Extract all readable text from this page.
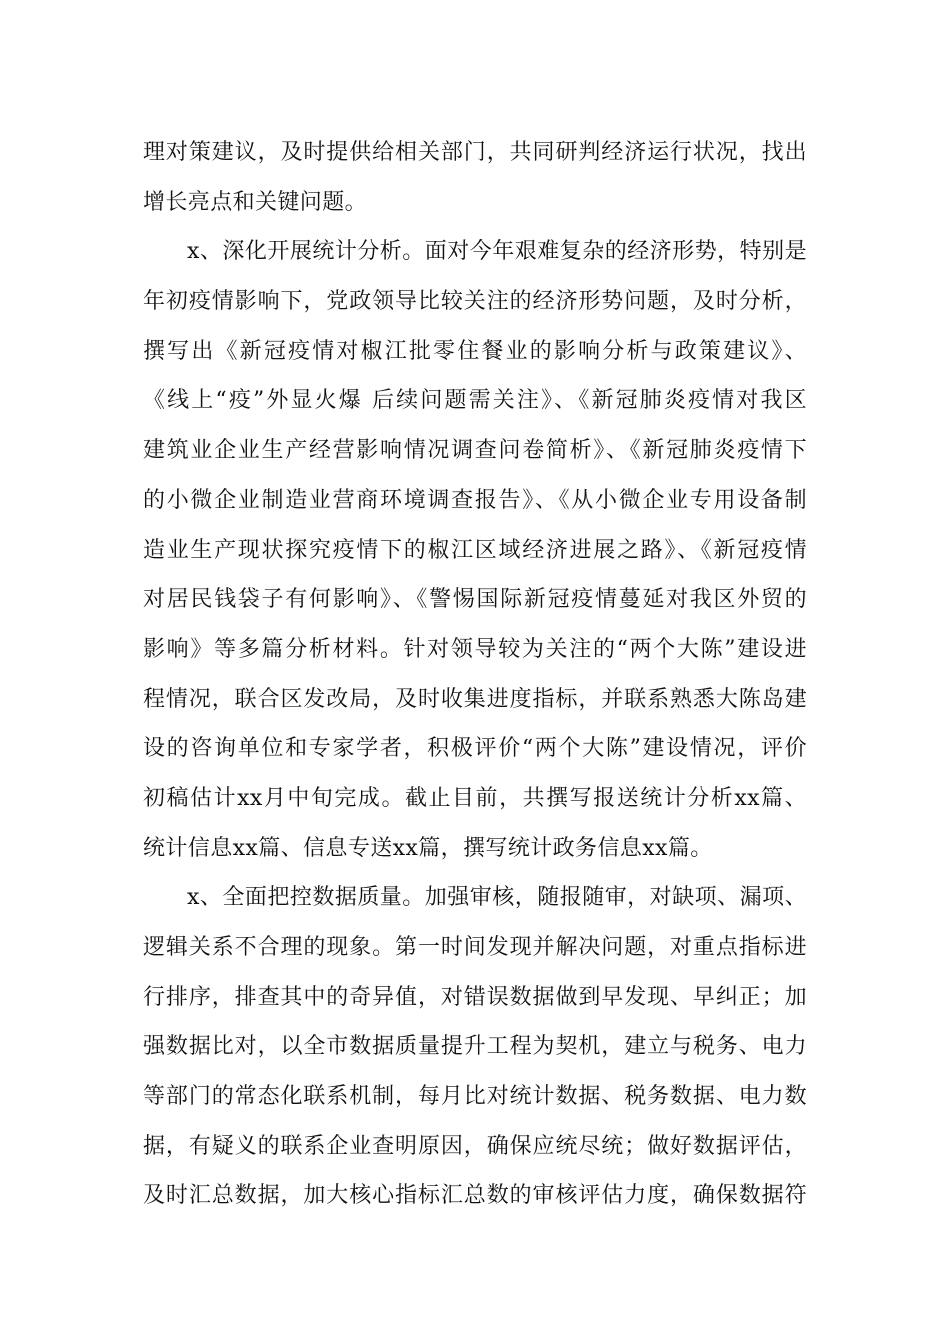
理对策建议，及时提供给相关部门，共同研判经济运行状况，找出
增长亮点和关键问题。
x、深化开展统计分析。面对今年艰难复杂的经济形势，特别是
年初疫情影响下，党政领导比较关注的经济形势问题，及时分析，
撰写出《新冠疫情对椒江批零住餐业的影响分析与政策建议》、
《线上“疫”外显火爆 后续问题需关注》、《新冠肺炎疫情对我区
建筑业企业生产经营影响情况调查问卷简析》、《新冠肺炎疫情下
的小微企业制造业营商环境调查报告》、《从小微企业专用设备制
造业生产现状探究疫情下的椒江区域经济进展之路》、《新冠疫情
对居民钱袋子有何影响》、《警惕国际新冠疫情蔓延对我区外贸的
影响》等多篇分析材料。针对领导较为关注的“两个大陈”建设进
程情况，联合区发改局，及时收集进度指标，并联系熟悉大陈岛建
设的咨询单位和专家学者，积极评价“两个大陈”建设情况，评价
初稿估计xx月中旬完成。截止目前，共撰写报送统计分析xx篇、
统计信息xx篇、信息专送xx篇，撰写统计政务信息xx篇。
x、全面把控数据质量。加强审核，随报随审，对缺项、漏项、
逻辑关系不合理的现象。第一时间发现并解决问题，对重点指标进
行排序，排查其中的奇异值，对错误数据做到早发现、早纠正；加
强数据比对，以全市数据质量提升工程为契机，建立与税务、电力
等部门的常态化联系机制，每月比对统计数据、税务数据、电力数
据，有疑义的联系企业查明原因，确保应统尽统；做好数据评估，
及时汇总数据，加大核心指标汇总数的审核评估力度，确保数据符
